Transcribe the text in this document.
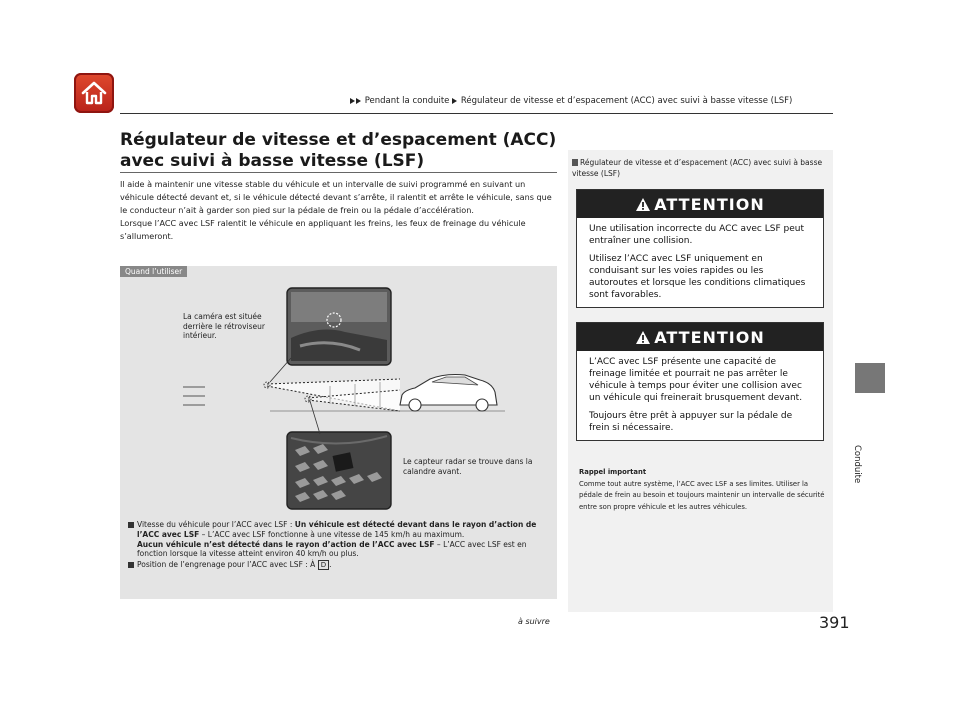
Pendant la conduite Régulateur de vitesse et d’espacement (ACC) avec suivi à basse vitesse (LSF)
Conduite
Régulateur de vitesse et d’espacement (ACC) avec suivi à basse vitesse (LSF)

Il aide à maintenir une vitesse stable du véhicule et un intervalle de suivi programmé en suivant un véhicule détecté devant et, si le véhicule détecté devant s’arrête, il ralentit et arrête le véhicule, sans que le conducteur n’ait à garder son pied sur la pédale de frein ou la pédale d’accélération.

Lorsque l’ACC avec LSF ralentit le véhicule en appliquant les freins, les feux de freinage du véhicule s’allumeront.

Quand l’utiliser
La caméra est située derrière le rétroviseur intérieur.
Le capteur radar se trouve dans la calandre avant.
Vitesse du véhicule pour l’ACC avec LSF : Un véhicule est détecté devant dans le rayon d’action de l’ACC avec LSF – L’ACC avec LSF fonctionne à une vitesse de 145 km/h au maximum.
Aucun véhicule n’est détecté dans le rayon d’action de l’ACC avec LSF – L’ACC avec LSF est en fonction lorsque la vitesse atteint environ 40 km/h ou plus.
Position de l’engrenage pour l’ACC avec LSF : À D .
Régulateur de vitesse et d’espacement (ACC) avec suivi à basse vitesse (LSF)
ATTENTION

Une utilisation incorrecte du ACC avec LSF peut entraîner une collision.

Utilisez l’ACC avec LSF uniquement en conduisant sur les voies rapides ou les autoroutes et lorsque les conditions climatiques sont favorables.

ATTENTION

L’ACC avec LSF présente une capacité de freinage limitée et pourrait ne pas arrêter le véhicule à temps pour éviter une collision avec un véhicule qui freinerait brusquement devant.

Toujours être prêt à appuyer sur la pédale de frein si nécessaire.

Rappel important
Comme tout autre système, l’ACC avec LSF a ses limites. Utiliser la pédale de frein au besoin et toujours maintenir un intervalle de sécurité entre son propre véhicule et les autres véhicules.
à suivre	391
